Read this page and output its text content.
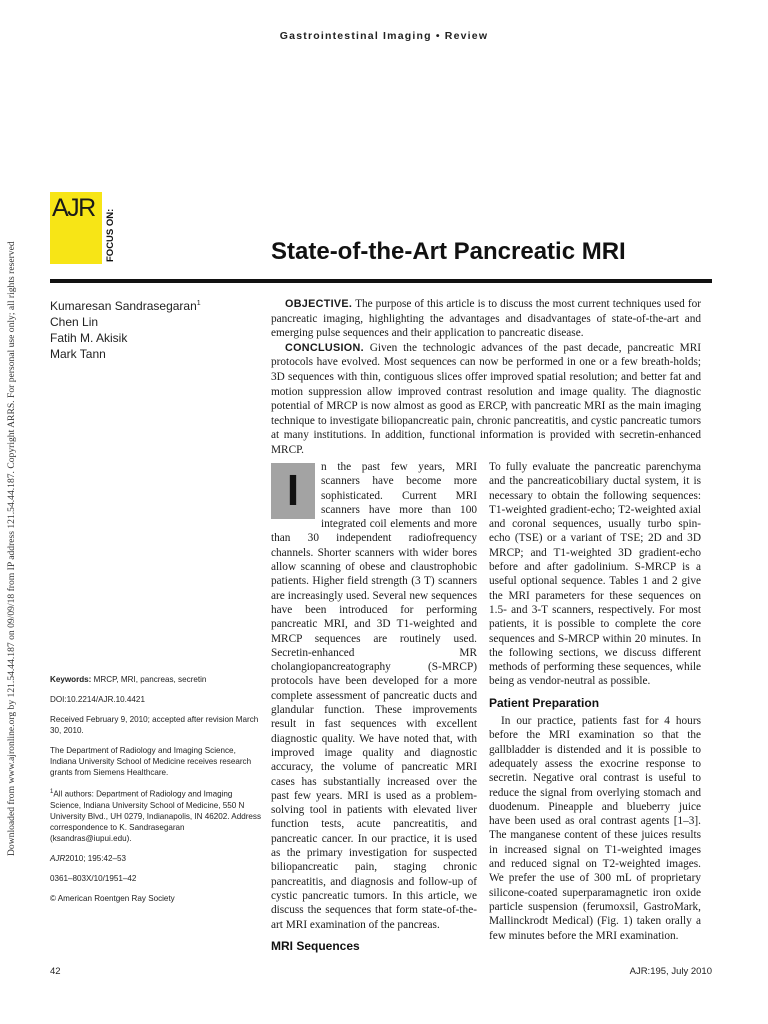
Gastrointestinal Imaging • Review
Downloaded from www.ajronline.org by 121.54.44.187 on 09/09/18 from IP address 121.54.44.187. Copyright ARRS. For personal use only; all rights reserved
AJR
FOCUS ON:	State-of-the-Art Pancreatic MRI
Kumaresan Sandrasegaran$^1$
Chen Lin
Fatih M. Akisik
Mark Tann

OBJECTIVE. The purpose of this article is to discuss the most current techniques used for pancreatic imaging, highlighting the advantages and disadvantages of state-of-the-art and emerging pulse sequences and their application to pancreatic disease.

CONCLUSION. Given the technologic advances of the past decade, pancreatic MRI protocols have evolved. Most sequences can now be performed in one or a few breath-holds; 3D sequences with thin, contiguous slices offer improved spatial resolution; and better fat and motion suppression allow improved contrast resolution and image quality. The diagnostic potential of MRCP is now almost as good as ERCP, with pancreatic MRI as the main imaging technique to investigate biliopancreatic pain, chronic pancreatitis, and cystic pancreatic tumors at many institutions. In addition, functional information is provided with secretin-enhanced MRCP.

Keywords: MRCP, MRI, pancreas, secretin

DOI:10.2214/AJR.10.4421

Received February 9, 2010; accepted after revision March 30, 2010.

The Department of Radiology and Imaging Science, Indiana University School of Medicine receives research grants from Siemens Healthcare.

$^1$All authors: Department of Radiology and Imaging Science, Indiana University School of Medicine, 550 N University Blvd., UH 0279, Indianapolis, IN 46202. Address correspondence to K. Sandrasegaran (ksandras@iupui.edu).

AJR2010; 195:42–53

0361–803X/10/1951–42

© American Roentgen Ray Society

I	n the past few years, MRI scanners have become more sophisticated. Current MRI scanners have more than 100 integrated coil elements and more than 30 independent radiofrequency channels. Shorter scanners with wider bores allow scanning of obese and claustrophobic patients. Higher field strength (3 T) scanners are increasingly used. Several new sequences have been introduced for performing pancreatic MRI, and 3D T1-weighted and MRCP sequences are routinely used. Secretin-enhanced MR cholangiopancreatography (S-MRCP) protocols have been developed for a more complete assessment of pancreatic ducts and glandular function. These improvements result in fast sequences with excellent diagnostic quality. We have noted that, with improved image quality and diagnostic accuracy, the volume of pancreatic MRI cases has substantially increased over the past few years. MRI is used as a problem-solving tool in patients with elevated liver function tests, acute pancreatitis, and pancreatic cancer. In our practice, it is used as the primary investigation for suspected biliopancreatic pain, staging chronic pancreatitis, and diagnosis and follow-up of cystic pancreatic tumors. In this article, we discuss the sequences that form state-of-the-art MRI examination of the pancreas.

MRI Sequences

To fully evaluate the pancreatic parenchyma and the pancreaticobiliary ductal system, it is necessary to obtain the following sequences: T1-weighted gradient-echo; T2-weighted axial and coronal sequences, usually turbo spin-echo (TSE) or a variant of TSE; 2D and 3D MRCP; and T1-weighted 3D gradient-echo before and after gadolinium. S-MRCP is a useful optional sequence. Tables 1 and 2 give the MRI parameters for these sequences on 1.5- and 3-T scanners, respectively. For most patients, it is possible to complete the core sequences and S-MRCP within 20 minutes. In the following sections, we discuss different methods of performing these sequences, while being as vendor-neutral as possible.

Patient Preparation

In our practice, patients fast for 4 hours before the MRI examination so that the gallbladder is distended and it is possible to adequately assess the exocrine response to secretin. Negative oral contrast is useful to reduce the signal from overlying stomach and duodenum. Pineapple and blueberry juice have been used as oral contrast agents [1–3]. The manganese content of these juices results in increased signal on T1-weighted images and reduced signal on T2-weighted images. We prefer the use of 300 mL of proprietary silicone-coated superparamagnetic iron oxide particle suspension (ferumoxsil, GastroMark, Mallinckrodt Medical) (Fig. 1) taken orally a few minutes before the MRI examination.

42	AJR:195, July 2010
